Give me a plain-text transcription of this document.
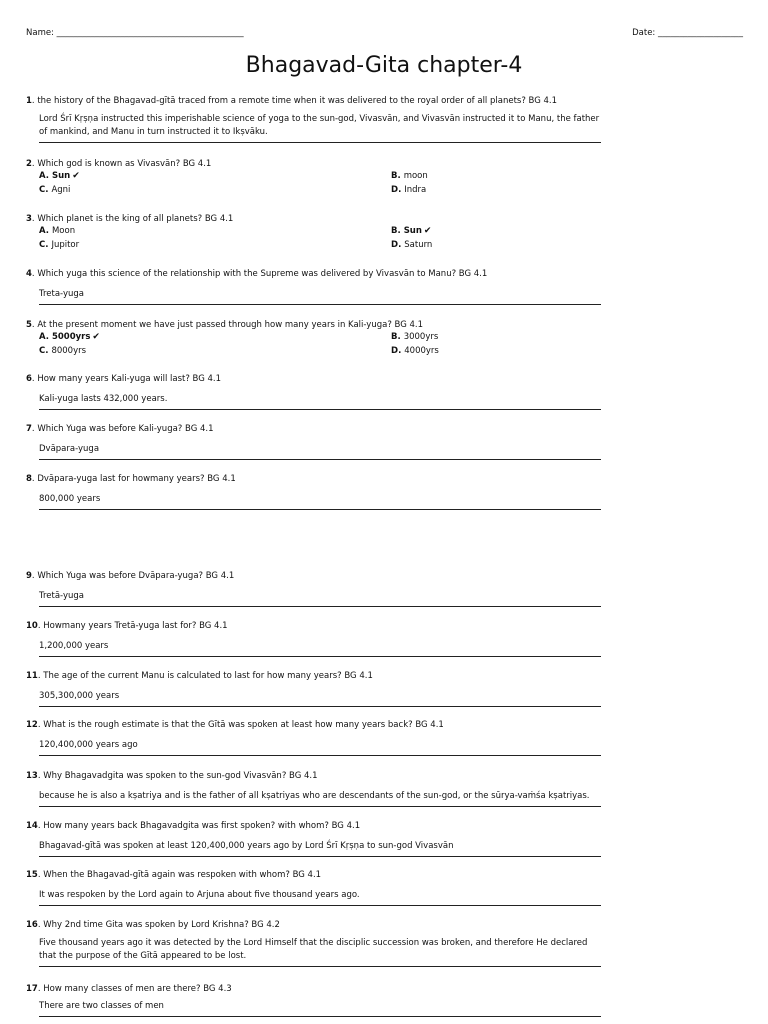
Name: ____________________________________________	Date: ____________________
Bhagavad-Gita chapter-4
1. the history of the Bhagavad-gītā traced from a remote time when it was delivered to the royal order of all planets? BG 4.1
Lord Śrī Kṛṣṇa instructed this imperishable science of yoga to the sun-god, Vivasvān, and Vivasvān instructed it to Manu, the father of mankind, and Manu in turn instructed it to Ikṣvāku.
2. Which god is known as Vivasvān? BG 4.1
A. Sun ✔	B. moon
C. Agni	D. Indra
3. Which planet is the king of all planets? BG 4.1
A. Moon	B. Sun ✔
C. Jupitor	D. Saturn
4. Which yuga this science of the relationship with the Supreme was delivered by Vivasvān to Manu? BG 4.1
Treta-yuga
5. At the present moment we have just passed through how many years in Kali-yuga? BG 4.1
A. 5000yrs ✔	B. 3000yrs
C. 8000yrs	D. 4000yrs
6. How many years Kali-yuga will last? BG 4.1
Kali-yuga lasts 432,000 years.
7. Which Yuga was before Kali-yuga? BG 4.1
Dvāpara-yuga
8. Dvāpara-yuga last for howmany years? BG 4.1
800,000 years
9. Which Yuga was before Dvāpara-yuga? BG 4.1
Tretā-yuga
10. Howmany years Tretā-yuga last for? BG 4.1
1,200,000 years
11. The age of the current Manu is calculated to last for how many years? BG 4.1
305,300,000 years
12. What is the rough estimate is that the Gītā was spoken at least how many years back? BG 4.1
120,400,000 years ago
13. Why Bhagavadgita was spoken to the sun-god Vivasvān? BG 4.1
because he is also a kṣatriya and is the father of all kṣatriyas who are descendants of the sun-god, or the sūrya-vaṁśa kṣatriyas.
14. How many years back Bhagavadgita was first spoken? with whom? BG 4.1
Bhagavad-gītā was spoken at least 120,400,000 years ago by Lord Śrī Kṛṣṇa to sun-god Vivasvān
15. When the Bhagavad-gītā again was respoken with whom? BG 4.1
It was respoken by the Lord again to Arjuna about five thousand years ago.
16. Why 2nd time Gita was spoken by Lord Krishna? BG 4.2
Five thousand years ago it was detected by the Lord Himself that the disciplic succession was broken, and therefore He declared that the purpose of the Gītā appeared to be lost.
17. How many classes of men are there? BG 4.3
There are two classes of men
